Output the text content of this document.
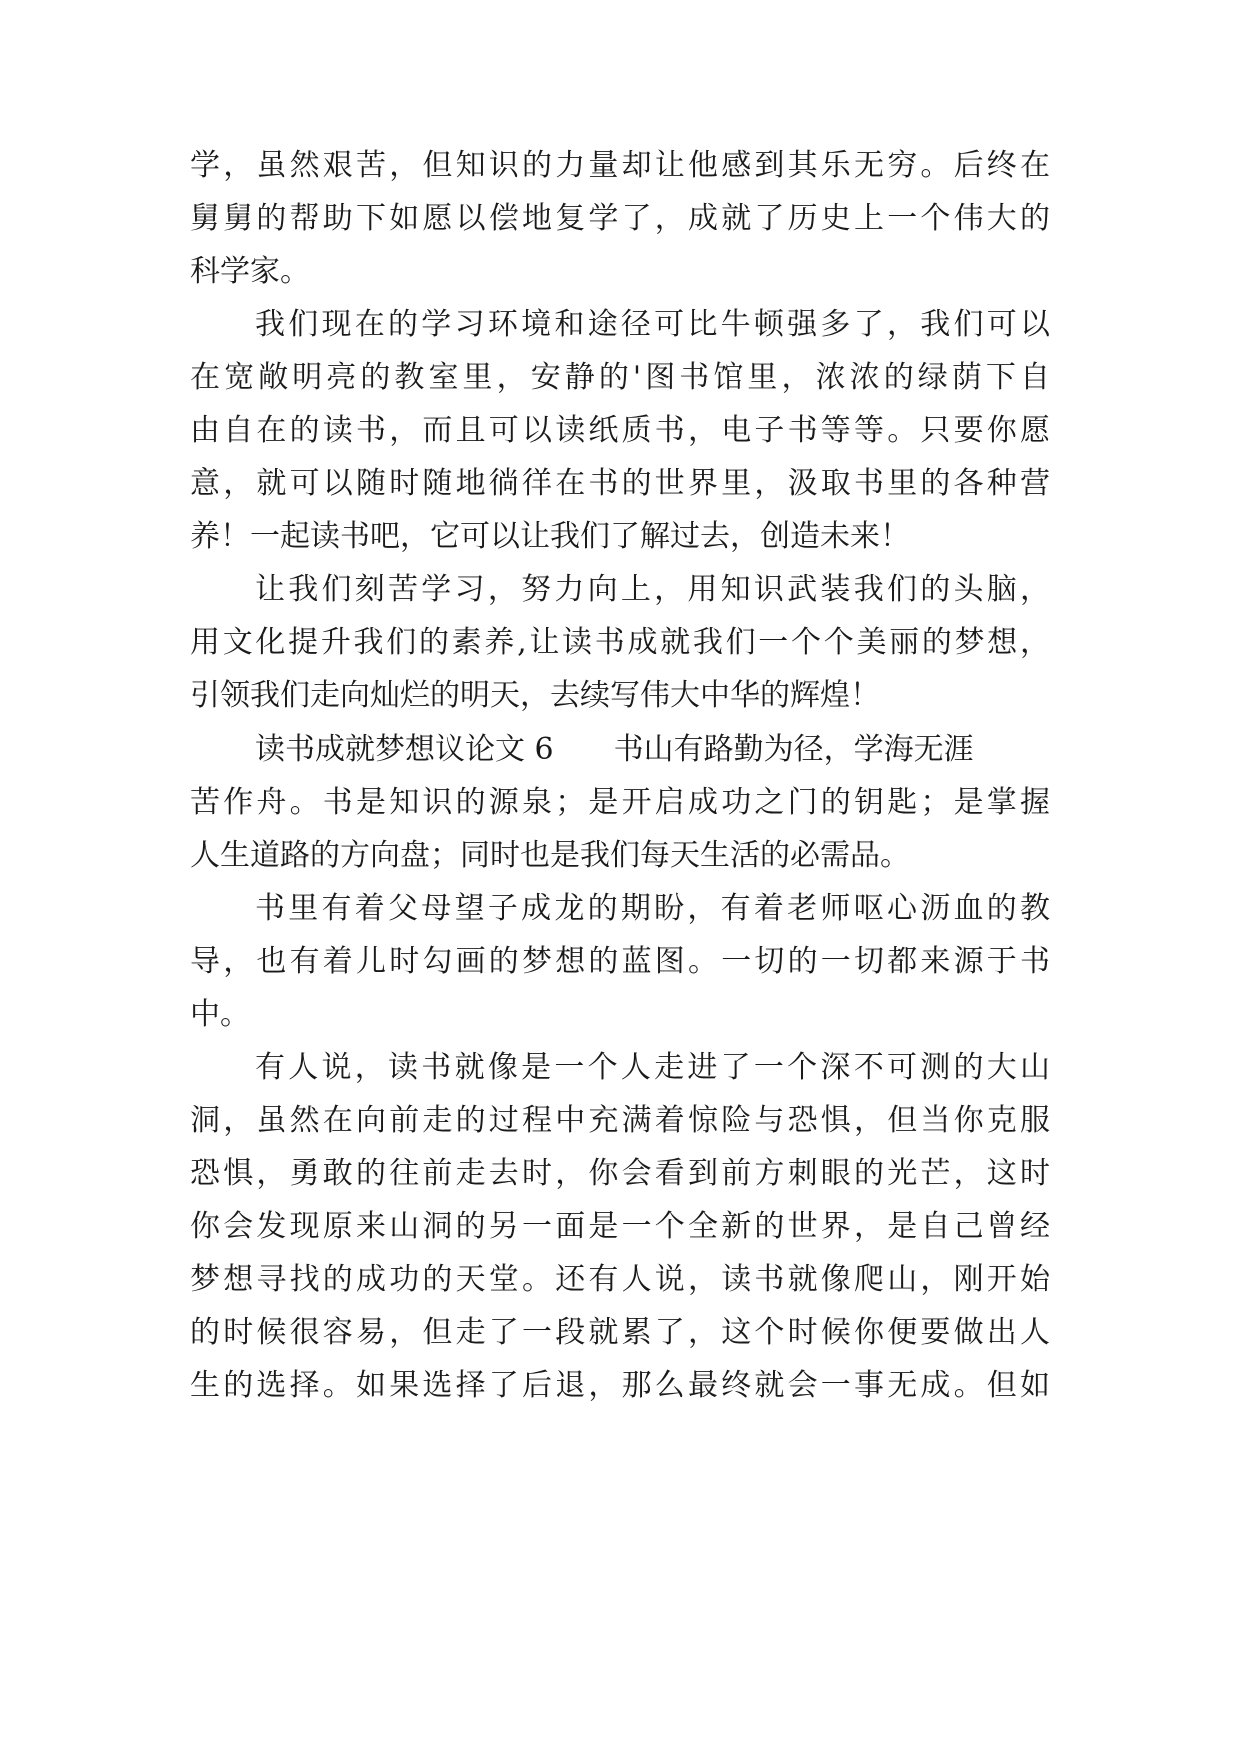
学，虽然艰苦，但知识的力量却让他感到其乐无穷。后终在
舅舅的帮助下如愿以偿地复学了，成就了历史上一个伟大的
科学家。
我们现在的学习环境和途径可比牛顿强多了，我们可以
在宽敞明亮的教室里，安静的'图书馆里，浓浓的绿荫下自
由自在的读书，而且可以读纸质书，电子书等等。只要你愿
意，就可以随时随地徜徉在书的世界里，汲取书里的各种营
养！一起读书吧，它可以让我们了解过去，创造未来！
让我们刻苦学习，努力向上，用知识武装我们的头脑，
用文化提升我们的素养,让读书成就我们一个个美丽的梦想，
引领我们走向灿烂的明天，去续写伟大中华的辉煌！
读书成就梦想议论文 6 书山有路勤为径，学海无涯
苦作舟。书是知识的源泉；是开启成功之门的钥匙；是掌握
人生道路的方向盘；同时也是我们每天生活的必需品。
书里有着父母望子成龙的期盼，有着老师呕心沥血的教
导，也有着儿时勾画的梦想的蓝图。一切的一切都来源于书
中。
有人说，读书就像是一个人走进了一个深不可测的大山
洞，虽然在向前走的过程中充满着惊险与恐惧，但当你克服
恐惧，勇敢的往前走去时，你会看到前方刺眼的光芒，这时
你会发现原来山洞的另一面是一个全新的世界，是自己曾经
梦想寻找的成功的天堂。还有人说，读书就像爬山，刚开始
的时候很容易，但走了一段就累了，这个时候你便要做出人
生的选择。如果选择了后退，那么最终就会一事无成。但如
